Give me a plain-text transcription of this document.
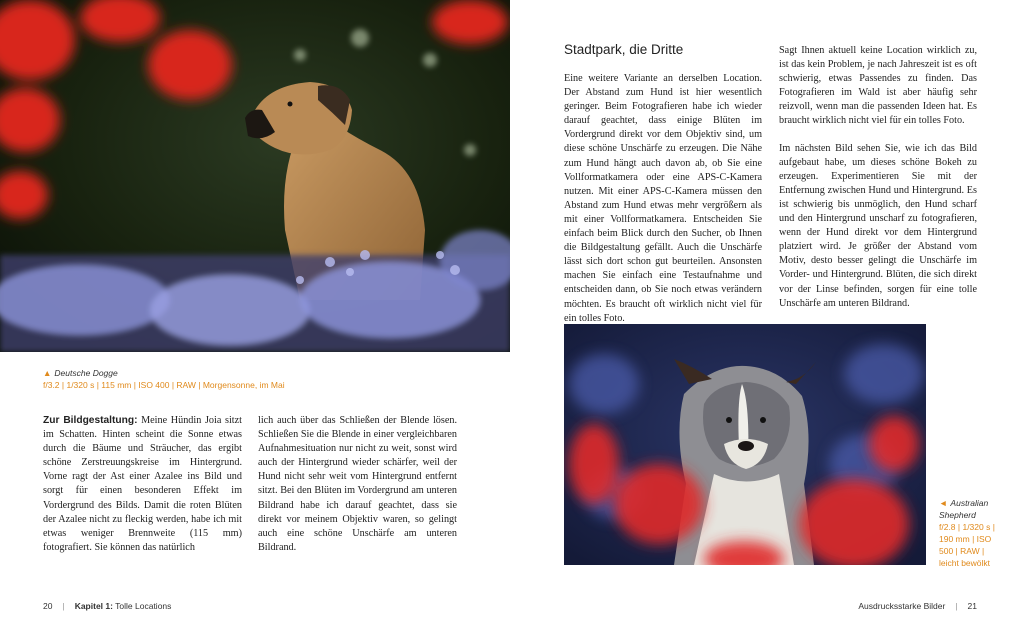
▲ Deutsche Dogge
f/3.2 | 1/320 s | 115 mm | ISO 400 | RAW | Morgensonne, im Mai
Zur Bildgestaltung: Meine Hündin Joia sitzt im Schatten. Hinten scheint die Sonne etwas durch die Bäume und Sträucher, das ergibt schöne Zerstreuungskreise im Hintergrund. Vorne ragt der Ast einer Azalee ins Bild und sorgt für einen besonderen Effekt im Vordergrund des Bilds. Damit die roten Blüten der Azalee nicht zu fleckig werden, habe ich mit etwas weniger Brennweite (115 mm) fotografiert. Sie können das natürlich
lich auch über das Schließen der Blende lösen. Schließen Sie die Blende in einer vergleichbaren Aufnahmesituation nur nicht zu weit, sonst wird auch der Hintergrund wieder schärfer, weil der Hund nicht sehr weit vom Hintergrund entfernt sitzt. Bei den Blüten im Vordergrund am unteren Bildrand habe ich darauf geachtet, dass sie direkt vor meinem Objektiv waren, so gelingt auch eine schöne Unschärfe am unteren Bildrand.
Stadtpark, die Dritte
Eine weitere Variante an derselben Location. Der Abstand zum Hund ist hier wesentlich geringer. Beim Fotografieren habe ich wieder darauf geachtet, dass einige Blüten im Vordergrund direkt vor dem Objektiv sind, um diese schöne Unschärfe zu erzeugen. Die Nähe zum Hund hängt auch davon ab, ob Sie eine Vollformatkamera oder eine APS-C-Kamera nutzen. Mit einer APS-C-Kamera müssen den Abstand zum Hund etwas mehr vergrößern als mit einer Vollformatkamera. Entscheiden Sie einfach beim Blick durch den Sucher, ob Ihnen die Bildgestaltung gefällt. Auch die Unschärfe lässt sich dort schon gut beurteilen. Ansonsten machen Sie einfach eine Testaufnahme und entscheiden dann, ob Sie noch etwas verändern möchten. Es braucht oft wirklich nicht viel für ein tolles Foto.

Sagt Ihnen aktuell keine Location wirklich zu, ist das kein Problem, je nach Jahreszeit ist es oft schwierig, etwas Passendes zu finden. Das Fotografieren im Wald ist aber häufig sehr reizvoll, wenn man die passenden Ideen hat. Es braucht wirklich nicht viel für ein tolles Foto.

Im nächsten Bild sehen Sie, wie ich das Bild aufgebaut habe, um dieses schöne Bokeh zu erzeugen. Experimentieren Sie mit der Entfernung zwischen Hund und Hintergrund. Es ist schwierig bis unmöglich, den Hund scharf und den Hintergrund unscharf zu fotografieren, wenn der Hund direkt vor dem Hintergrund platziert wird. Je größer der Abstand vom Motiv, desto besser gelingt die Unschärfe im Vorder- und Hintergrund. Blüten, die sich direkt vor der Linse befinden, sorgen für eine tolle Unschärfe am unteren Bildrand.

◄ Australian Shepherd
f/2.8 | 1/320 s | 190 mm | ISO 500 | RAW | leicht bewölkt
20 | Kapitel 1: Tolle Locations	Ausdrucksstarke Bilder | 21
